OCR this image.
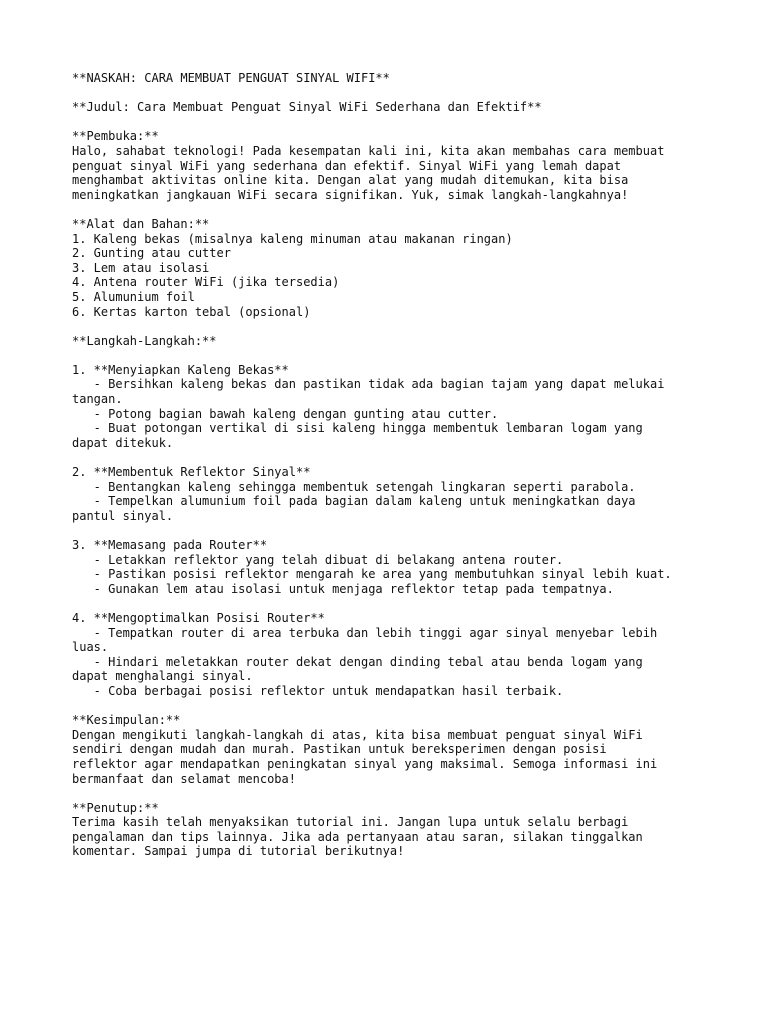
**NASKAH: CARA MEMBUAT PENGUAT SINYAL WIFI**
**Judul: Cara Membuat Penguat Sinyal WiFi Sederhana dan Efektif**
**Pembuka:**
Halo, sahabat teknologi! Pada kesempatan kali ini, kita akan membahas cara membuat
penguat sinyal WiFi yang sederhana dan efektif. Sinyal WiFi yang lemah dapat
menghambat aktivitas online kita. Dengan alat yang mudah ditemukan, kita bisa
meningkatkan jangkauan WiFi secara signifikan. Yuk, simak langkah-langkahnya!
**Alat dan Bahan:**
1. Kaleng bekas (misalnya kaleng minuman atau makanan ringan)
2. Gunting atau cutter
3. Lem atau isolasi
4. Antena router WiFi (jika tersedia)
5. Alumunium foil
6. Kertas karton tebal (opsional)
**Langkah-Langkah:**
1. **Menyiapkan Kaleng Bekas**
- Bersihkan kaleng bekas dan pastikan tidak ada bagian tajam yang dapat melukai
tangan.
- Potong bagian bawah kaleng dengan gunting atau cutter.
- Buat potongan vertikal di sisi kaleng hingga membentuk lembaran logam yang
dapat ditekuk.
2. **Membentuk Reflektor Sinyal**
- Bentangkan kaleng sehingga membentuk setengah lingkaran seperti parabola.
- Tempelkan alumunium foil pada bagian dalam kaleng untuk meningkatkan daya
pantul sinyal.
3. **Memasang pada Router**
- Letakkan reflektor yang telah dibuat di belakang antena router.
- Pastikan posisi reflektor mengarah ke area yang membutuhkan sinyal lebih kuat.
- Gunakan lem atau isolasi untuk menjaga reflektor tetap pada tempatnya.
4. **Mengoptimalkan Posisi Router**
- Tempatkan router di area terbuka dan lebih tinggi agar sinyal menyebar lebih
luas.
- Hindari meletakkan router dekat dengan dinding tebal atau benda logam yang
dapat menghalangi sinyal.
- Coba berbagai posisi reflektor untuk mendapatkan hasil terbaik.
**Kesimpulan:**
Dengan mengikuti langkah-langkah di atas, kita bisa membuat penguat sinyal WiFi
sendiri dengan mudah dan murah. Pastikan untuk bereksperimen dengan posisi
reflektor agar mendapatkan peningkatan sinyal yang maksimal. Semoga informasi ini
bermanfaat dan selamat mencoba!
**Penutup:**
Terima kasih telah menyaksikan tutorial ini. Jangan lupa untuk selalu berbagi
pengalaman dan tips lainnya. Jika ada pertanyaan atau saran, silakan tinggalkan
komentar. Sampai jumpa di tutorial berikutnya!
